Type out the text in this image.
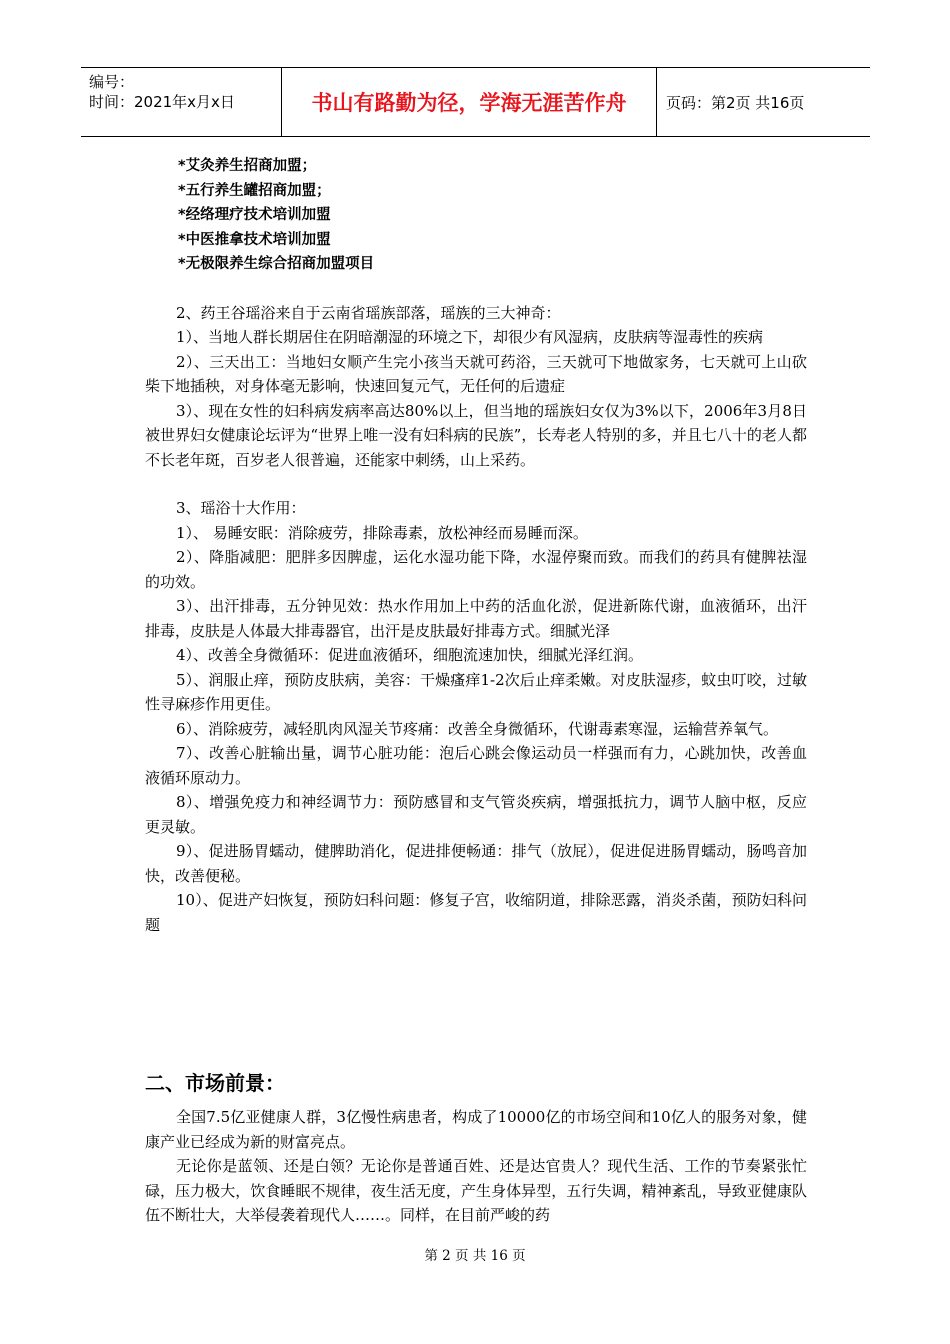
编号：
时间：2021年x月x日	书山有路勤为径，学海无涯苦作舟	页码：第2页 共16页
*艾灸养生招商加盟；
*五行养生罐招商加盟；
*经络理疗技术培训加盟
*中医推拿技术培训加盟
*无极限养生综合招商加盟项目
2、药王谷瑶浴来自于云南省瑶族部落，瑶族的三大神奇：
1）、当地人群长期居住在阴暗潮湿的环境之下，却很少有风湿病，皮肤病等湿毒性的疾病
2）、三天出工：当地妇女顺产生完小孩当天就可药浴，三天就可下地做家务，七天就可上山砍柴下地插秧，对身体毫无影响，快速回复元气，无任何的后遗症
3）、现在女性的妇科病发病率高达80%以上，但当地的瑶族妇女仅为3%以下，2006年3月8日被世界妇女健康论坛评为“世界上唯一没有妇科病的民族”，长寿老人特别的多，并且七八十的老人都不长老年斑，百岁老人很普遍，还能家中刺绣，山上采药。
3、瑶浴十大作用：
1）、 易睡安眠：消除疲劳，排除毒素，放松神经而易睡而深。
2）、降脂减肥：肥胖多因脾虚，运化水湿功能下降，水湿停聚而致。而我们的药具有健脾祛湿的功效。
3）、出汗排毒，五分钟见效：热水作用加上中药的活血化淤，促进新陈代谢，血液循环，出汗排毒，皮肤是人体最大排毒器官，出汗是皮肤最好排毒方式。细腻光泽
4）、改善全身微循环：促进血液循环，细胞流速加快，细腻光泽红润。
5）、润服止痒，预防皮肤病，美容：干燥瘙痒1-2次后止痒柔嫩。对皮肤湿疹，蚊虫叮咬，过敏性寻麻疹作用更佳。
6）、消除疲劳，减轻肌肉风湿关节疼痛：改善全身微循环，代谢毒素寒湿，运输营养氧气。
7）、改善心脏输出量，调节心脏功能：泡后心跳会像运动员一样强而有力，心跳加快，改善血液循环原动力。
8）、增强免疫力和神经调节力：预防感冒和支气管炎疾病，增强抵抗力，调节人脑中枢，反应更灵敏。
9）、促进肠胃蠕动，健脾助消化，促进排便畅通：排气（放屁），促进促进肠胃蠕动，肠鸣音加快，改善便秘。
10）、促进产妇恢复，预防妇科问题：修复子宫，收缩阴道，排除恶露，消炎杀菌，预防妇科问题
二、市场前景：
全国7.5亿亚健康人群，3亿慢性病患者，构成了10000亿的市场空间和10亿人的服务对象，健康产业已经成为新的财富亮点。
无论你是蓝领、还是白领？无论你是普通百姓、还是达官贵人？现代生活、工作的节奏紧张忙碌，压力极大，饮食睡眠不规律，夜生活无度，产生身体异型，五行失调，精神紊乱，导致亚健康队伍不断壮大，大举侵袭着现代人……。同样，在目前严峻的药
第 2 页 共 16 页
